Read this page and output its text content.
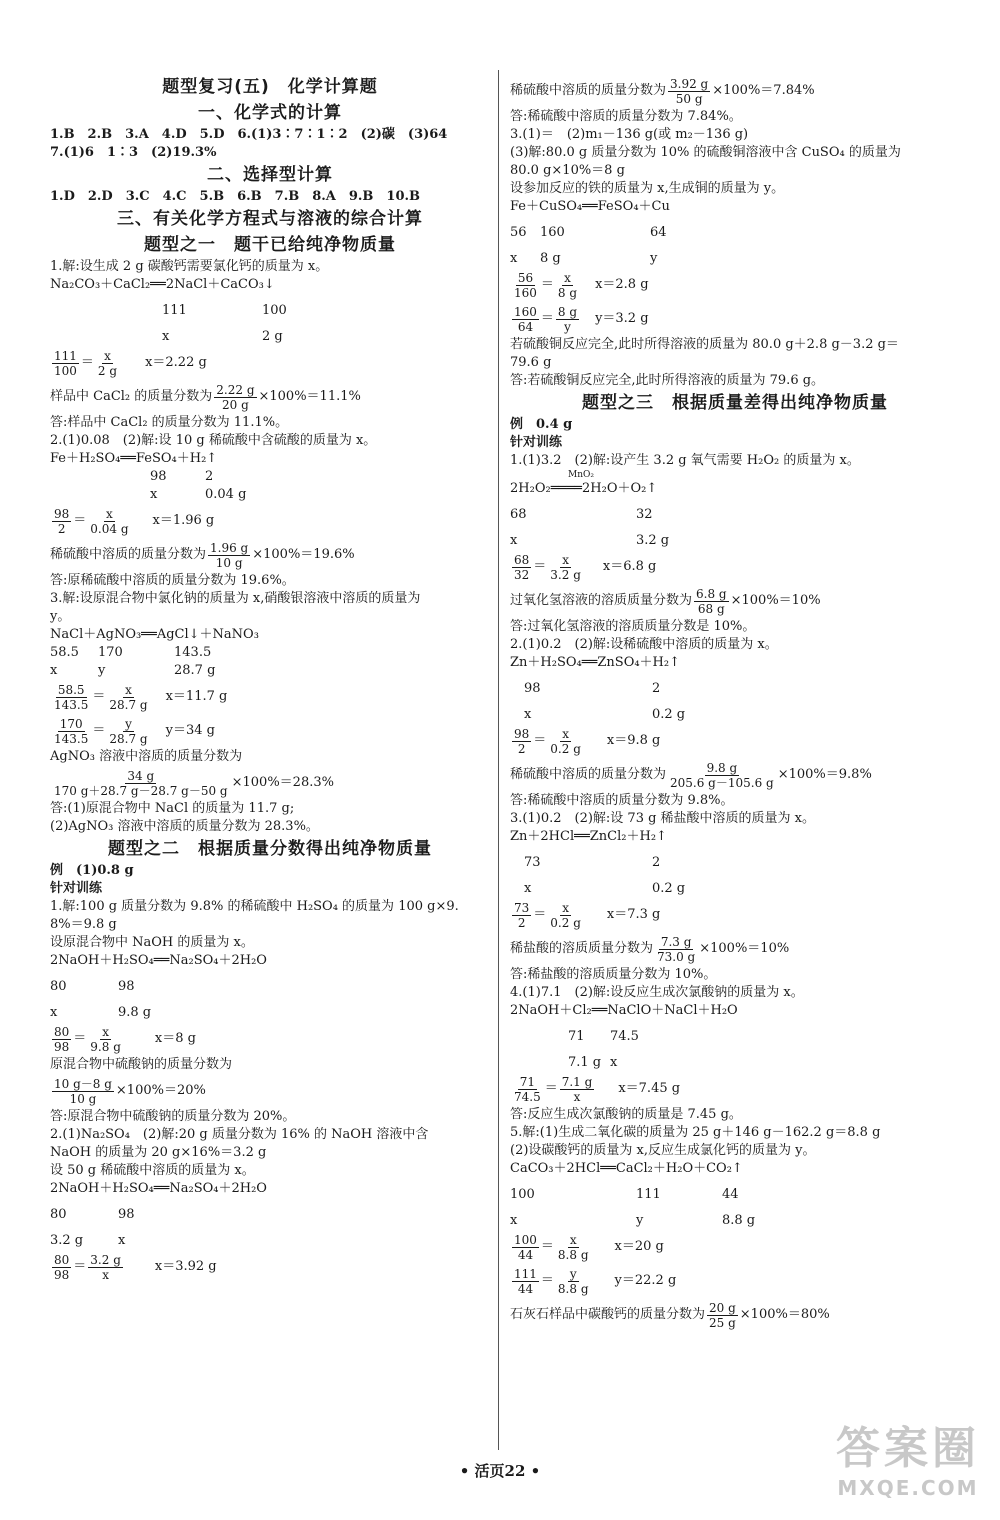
题型复习(五)　化学计算题
一、化学式的计算
1.B　2.B　3.A　4.D　5.D　6.(1)3∶7∶1∶2　(2)碳　(3)64
7.(1)6　1∶3　(2)19.3%
二、选择型计算
1.D　2.D　3.C　4.C　5.B　6.B　7.B　8.A　9.B　10.B
三、有关化学方程式与溶液的综合计算
题型之一　题干已给纯净物质量
1.解:设生成 2 g 碳酸钙需要氯化钙的质量为 x。
Na₂CO₃＋CaCl₂══2NaCl＋CaCO₃↓
111	100
x	2 g
$\frac{111}{100} = \frac{x}{2 g} x=2.22$ g
样品中 CaCl₂ 的质量分数为 $\frac{2.22 g}{20 g} \times 100\%=11.1\%$
答:样品中 CaCl₂ 的质量分数为 11.1%。
2.(1)0.08　(2)解:设 10 g 稀硫酸中含硫酸的质量为 x。
Fe＋H₂SO₄══FeSO₄＋H₂↑
98	2
x	0.04 g
$\frac{98}{2} = \frac{x}{0.04 g} x=1.96$ g
稀硫酸中溶质的质量分数为 $\frac{1.96 g}{10 g} \times 100\%=19.6\%$
答:原稀硫酸中溶质的质量分数为 19.6%。
3.解:设原混合物中氯化钠的质量为 x,硝酸银溶液中溶质的质量为
y。
NaCl＋AgNO₃══AgCl↓＋NaNO₃
58.5	170	143.5
x	y	28.7 g
$\frac{58.5}{143.5} = \frac{x}{28.7 g} x=11.7$ g
$\frac{170}{143.5} = \frac{y}{28.7 g} y=34$ g
AgNO₃ 溶液中溶质的质量分数为
$\frac{34 g}{170 g+28.7 g-28.7 g-50 g} \times 100\%=28.3\%$
答:(1)原混合物中 NaCl 的质量为 11.7 g;
(2)AgNO₃ 溶液中溶质的质量分数为 28.3%。
题型之二　根据质量分数得出纯净物质量
例　(1)0.8 g
针对训练
1.解:100 g 质量分数为 9.8% 的稀硫酸中 H₂SO₄ 的质量为 100 g×9.
8%＝9.8 g
设原混合物中 NaOH 的质量为 x。
2NaOH＋H₂SO₄══Na₂SO₄＋2H₂O
80	98
x	9.8 g
$\frac{80}{98} = \frac{x}{9.8 g} x=8$ g
原混合物中硫酸钠的质量分数为
$\frac{10 g-8 g}{10 g} \times 100\%=20\%$
答:原混合物中硫酸钠的质量分数为 20%。
2.(1)Na₂SO₄　(2)解:20 g 质量分数为 16% 的 NaOH 溶液中含
NaOH 的质量为 20 g×16%＝3.2 g
设 50 g 稀硫酸中溶质的质量为 x。
2NaOH＋H₂SO₄══Na₂SO₄＋2H₂O
80	98
3.2 g	x
$\frac{80}{98} = \frac{3.2 g}{x} x=3.92$ g
稀硫酸中溶质的质量分数为 $\frac{3.92 g}{50 g} \times 100\%=7.84\%$
答:稀硫酸中溶质的质量分数为 7.84%。
3.(1)＝　(2)m₁－136 g(或 m₂－136 g)
(3)解:80.0 g 质量分数为 10% 的硫酸铜溶液中含 CuSO₄ 的质量为
80.0 g×10%＝8 g
设参加反应的铁的质量为 x,生成铜的质量为 y。
Fe＋CuSO₄══FeSO₄＋Cu
56	160	64
x	8 g	y
$\frac{56}{160} = \frac{x}{8 g} x=2.8$ g
$\frac{160}{64} = \frac{8 g}{y} y=3.2$ g
若硫酸铜反应完全,此时所得溶液的质量为 80.0 g＋2.8 g－3.2 g＝
79.6 g
答:若硫酸铜反应完全,此时所得溶液的质量为 79.6 g。
题型之三　根据质量差得出纯净物质量
例　0.4 g
针对训练
1.(1)3.2　(2)解:设产生 3.2 g 氧气需要 H₂O₂ 的质量为 x。
MnO₂
2H₂O₂════2H₂O＋O₂↑
68	32
x	3.2 g
$\frac{68}{32} = \frac{x}{3.2 g} x=6.8$ g
过氧化氢溶液的溶质质量分数为 $\frac{6.8 g}{68 g} \times 100\%=10\%$
答:过氧化氢溶液的溶质质量分数是 10%。
2.(1)0.2　(2)解:设稀硫酸中溶质的质量为 x。
Zn＋H₂SO₄══ZnSO₄＋H₂↑
98	2
x	0.2 g
$\frac{98}{2} = \frac{x}{0.2 g} x=9.8$ g
稀硫酸中溶质的质量分数为 $\frac{9.8 g}{205.6 g-105.6 g} \times 100\%=9.8\%$
答:稀硫酸中溶质的质量分数为 9.8%。
3.(1)0.2　(2)解:设 73 g 稀盐酸中溶质的质量为 x。
Zn＋2HCl══ZnCl₂＋H₂↑
73	2
x	0.2 g
$\frac{73}{2} = \frac{x}{0.2 g} x=7.3$ g
稀盐酸的溶质质量分数为 $\frac{7.3 g}{73.0 g} \times 100\%=10\%$
答:稀盐酸的溶质质量分数为 10%。
4.(1)7.1　(2)解:设反应生成次氯酸钠的质量为 x。
2NaOH＋Cl₂══NaClO＋NaCl＋H₂O
71	74.5
7.1 g x
$\frac{71}{74.5} = \frac{7.1 g}{x} x=7.45$ g
答:反应生成次氯酸钠的质量是 7.45 g。
5.解:(1)生成二氧化碳的质量为 25 g＋146 g－162.2 g＝8.8 g
(2)设碳酸钙的质量为 x,反应生成氯化钙的质量为 y。
CaCO₃＋2HCl══CaCl₂＋H₂O＋CO₂↑
100	111	44
x	y	8.8 g
$\frac{100}{44} = \frac{x}{8.8 g} x=20$ g
$\frac{111}{44} = \frac{y}{8.8 g} y=22.2$ g
石灰石样品中碳酸钙的质量分数为 $\frac{20 g}{25 g} \times 100\%=80\%$
• 活页22 •	答案圈
MXQE.COM
